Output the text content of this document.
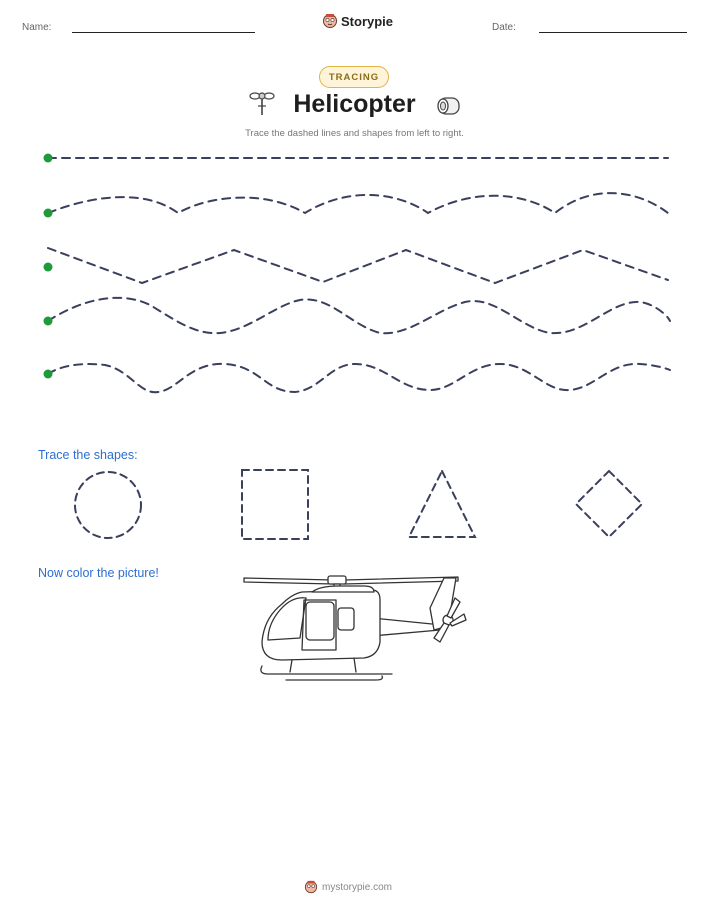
Name:	Storypie	Date:
TRACING
Helicopter
Trace the dashed lines and shapes from left to right.
Trace the shapes:
Now color the picture!
mystorypie.com
